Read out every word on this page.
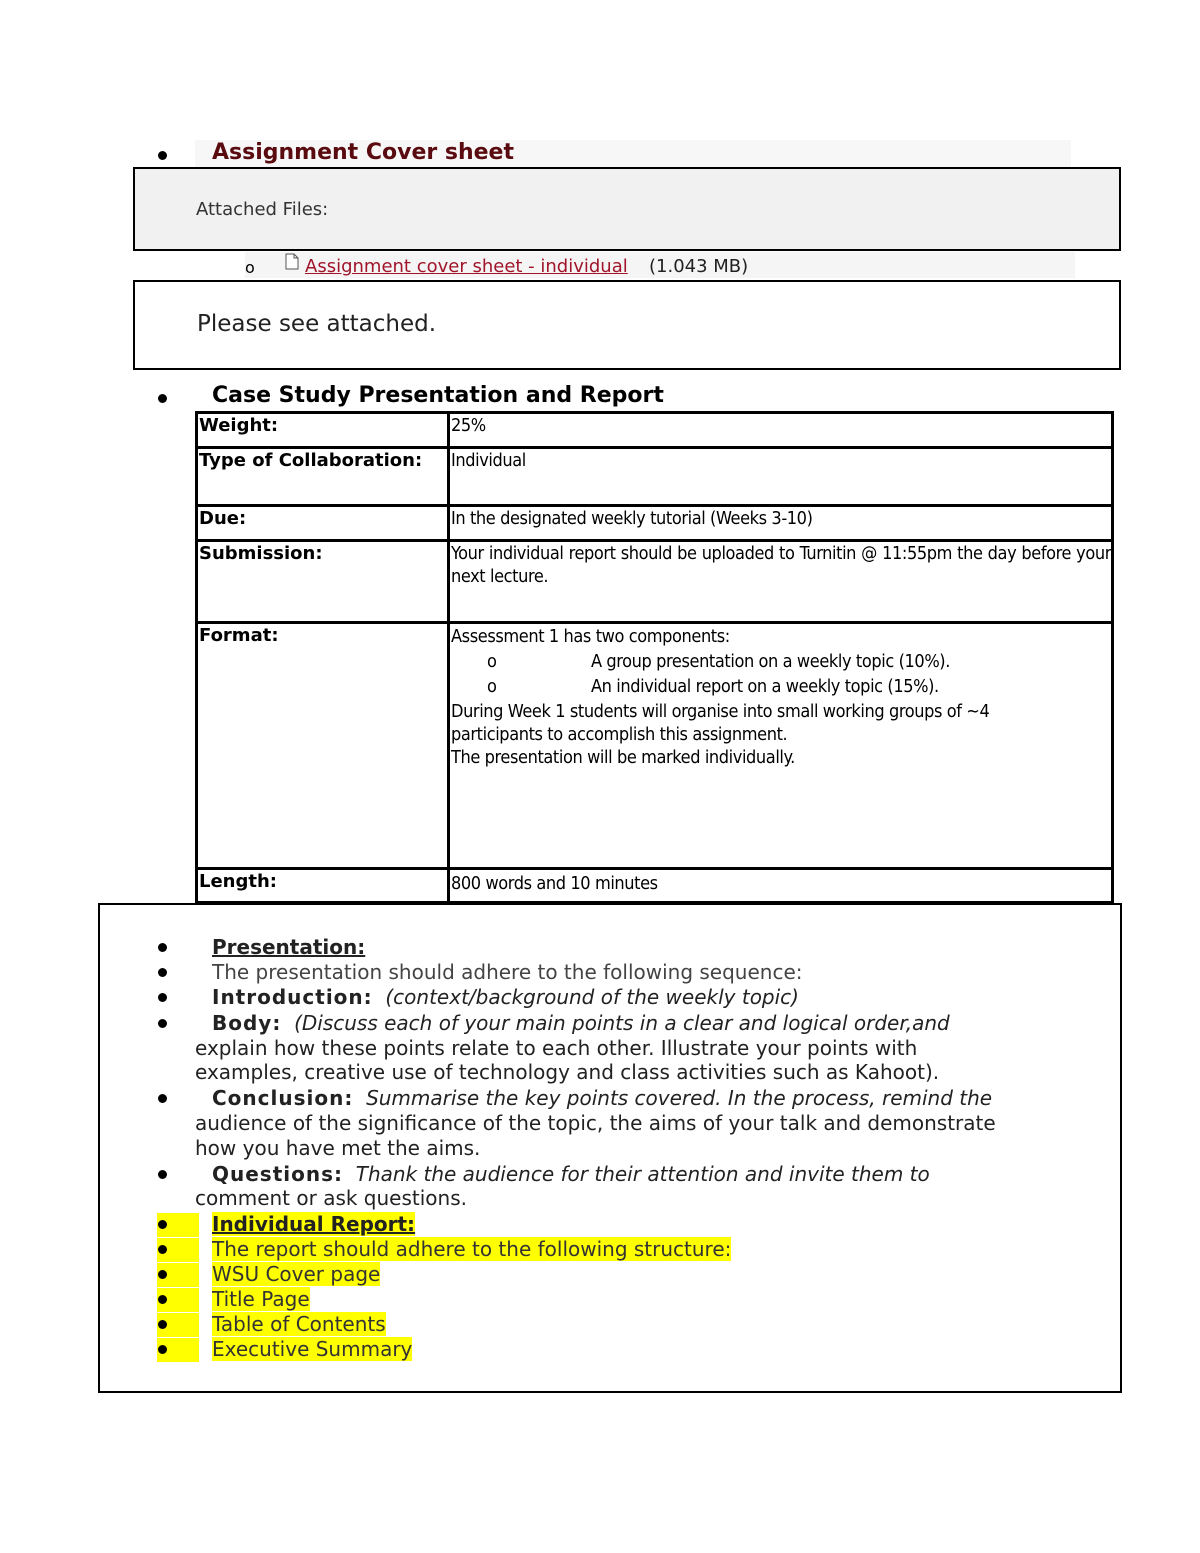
Assignment Cover sheet
Attached Files:
o	Assignment cover sheet - individual (1.043 MB)
Please see attached.
Case Study Presentation and Report
Weight:	25%
Type of Collaboration:	Individual
Due:	In the designated weekly tutorial (Weeks 3-10)
Submission:	Your individual report should be uploaded to Turnitin @ 11:55pm the day before your next lecture.
Format:	Assessment 1 has two components:
o A group presentation on a weekly topic (10%).
o An individual report on a weekly topic (15%).
During Week 1 students will organise into small working groups of ~4 participants to accomplish this assignment.
The presentation will be marked individually.

Length:	800 words and 10 minutes
Presentation:
The presentation should adhere to the following sequence:
Introduction: (context/background of the weekly topic)
Body: (Discuss each of your main points in a clear and logical order,and
explain how these points relate to each other. Illustrate your points with
examples, creative use of technology and class activities such as Kahoot).
Conclusion: Summarise the key points covered. In the process, remind the
audience of the significance of the topic, the aims of your talk and demonstrate
how you have met the aims.
Questions: Thank the audience for their attention and invite them to
comment or ask questions.
Individual Report:
The report should adhere to the following structure:
WSU Cover page
Title Page
Table of Contents
Executive Summary
